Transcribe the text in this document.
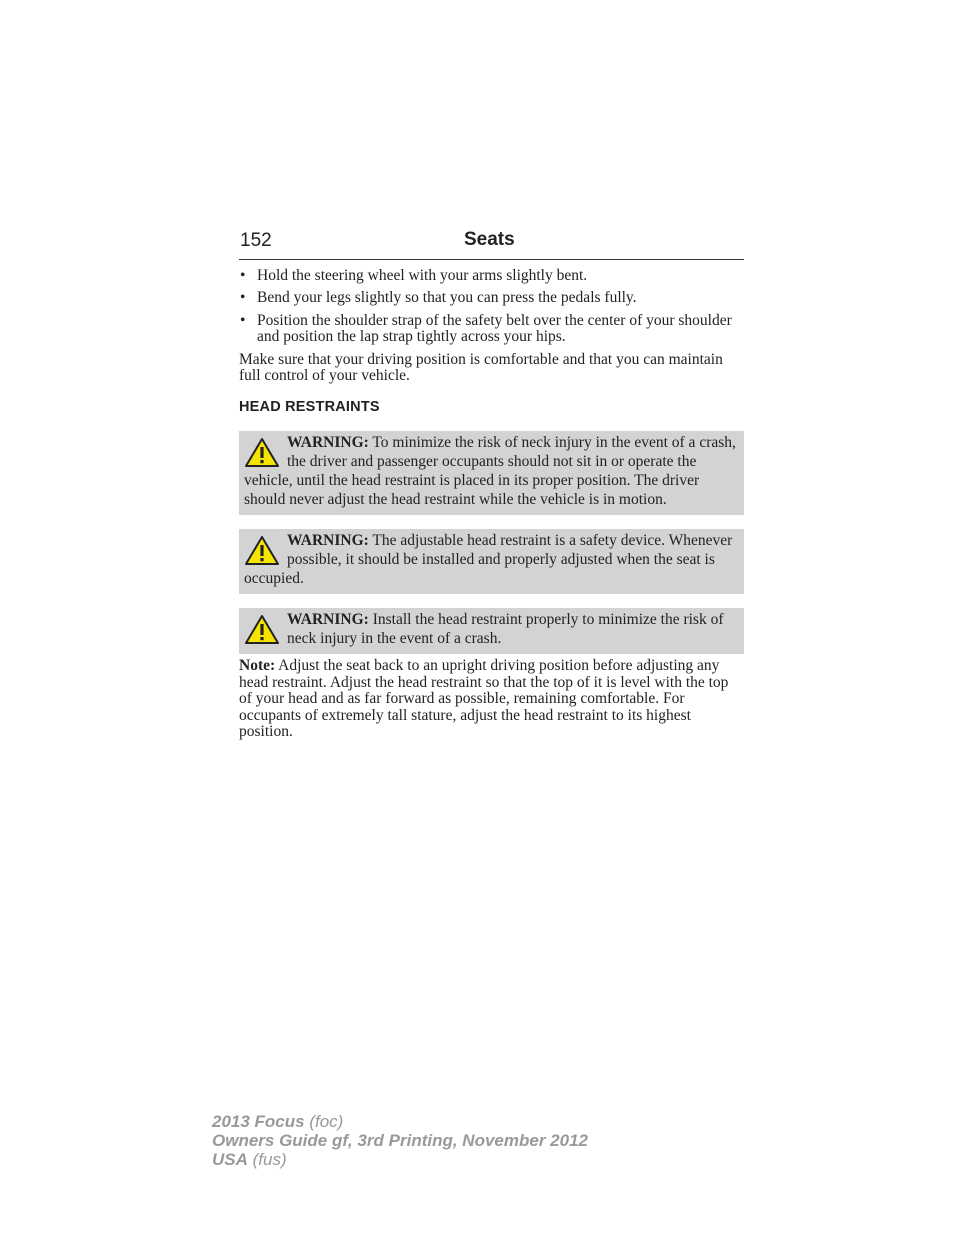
152	Seats
• Hold the steering wheel with your arms slightly bent.
• Bend your legs slightly so that you can press the pedals fully.
• Position the shoulder strap of the safety belt over the center of your shoulder and position the lap strap tightly across your hips.

Make sure that your driving position is comfortable and that you can maintain full control of your vehicle.

HEAD RESTRAINTS
WARNING: To minimize the risk of neck injury in the event of a crash, the driver and passenger occupants should not sit in or operate the vehicle, until the head restraint is placed in its proper position. The driver should never adjust the head restraint while the vehicle is in motion.
WARNING: The adjustable head restraint is a safety device. Whenever possible, it should be installed and properly adjusted when the seat is occupied.
WARNING: Install the head restraint properly to minimize the risk of neck injury in the event of a crash.

Note: Adjust the seat back to an upright driving position before adjusting any head restraint. Adjust the head restraint so that the top of it is level with the top of your head and as far forward as possible, remaining comfortable. For occupants of extremely tall stature, adjust the head restraint to its highest position.

2013 Focus (foc)
Owners Guide gf, 3rd Printing, November 2012
USA (fus)
